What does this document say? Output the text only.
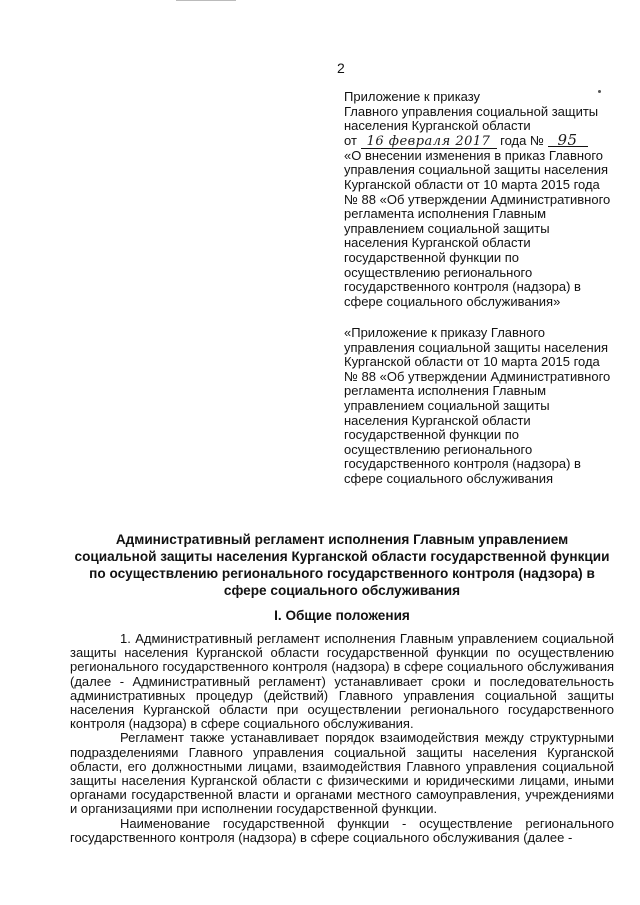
2

Приложение к приказу

Главного управления социальной защиты

населения Курганской области

от 16 февраля 2017 года № 95

«О внесении изменения в приказ Главного управления социальной защиты населения Курганской области от 10 марта 2015 года № 88 «Об утверждении Административного регламента исполнения Главным управлением социальной защиты населения Курганской области государственной функции по осуществлению регионального государственного контроля (надзора) в сфере социального обслуживания»

«Приложение к приказу Главного управления социальной защиты населения Курганской области от 10 марта 2015 года № 88 «Об утверждении Административного регламента исполнения Главным управлением социальной защиты населения Курганской области государственной функции по осуществлению регионального государственного контроля (надзора) в сфере социального обслуживания

Административный регламент исполнения Главным управлением социальной защиты населения Курганской области государственной функции по осуществлению регионального государственного контроля (надзора) в сфере социального обслуживания
I. Общие положения

1. Административный регламент исполнения Главным управлением социальной защиты населения Курганской области государственной функции по осуществлению регионального государственного контроля (надзора) в сфере социального обслуживания (далее - Административный регламент) устанавливает сроки и последовательность административных процедур (действий) Главного управления социальной защиты населения Курганской области при осуществлении регионального государственного контроля (надзора) в сфере социального обслуживания.

Регламент также устанавливает порядок взаимодействия между структурными подразделениями Главного управления социальной защиты населения Курганской области, его должностными лицами, взаимодействия Главного управления социальной защиты населения Курганской области с физическими и юридическими лицами, иными органами государственной власти и органами местного самоуправления, учреждениями и организациями при исполнении государственной функции.

Наименование государственной функции - осуществление регионального государственного контроля (надзора) в сфере социального обслуживания (далее -
